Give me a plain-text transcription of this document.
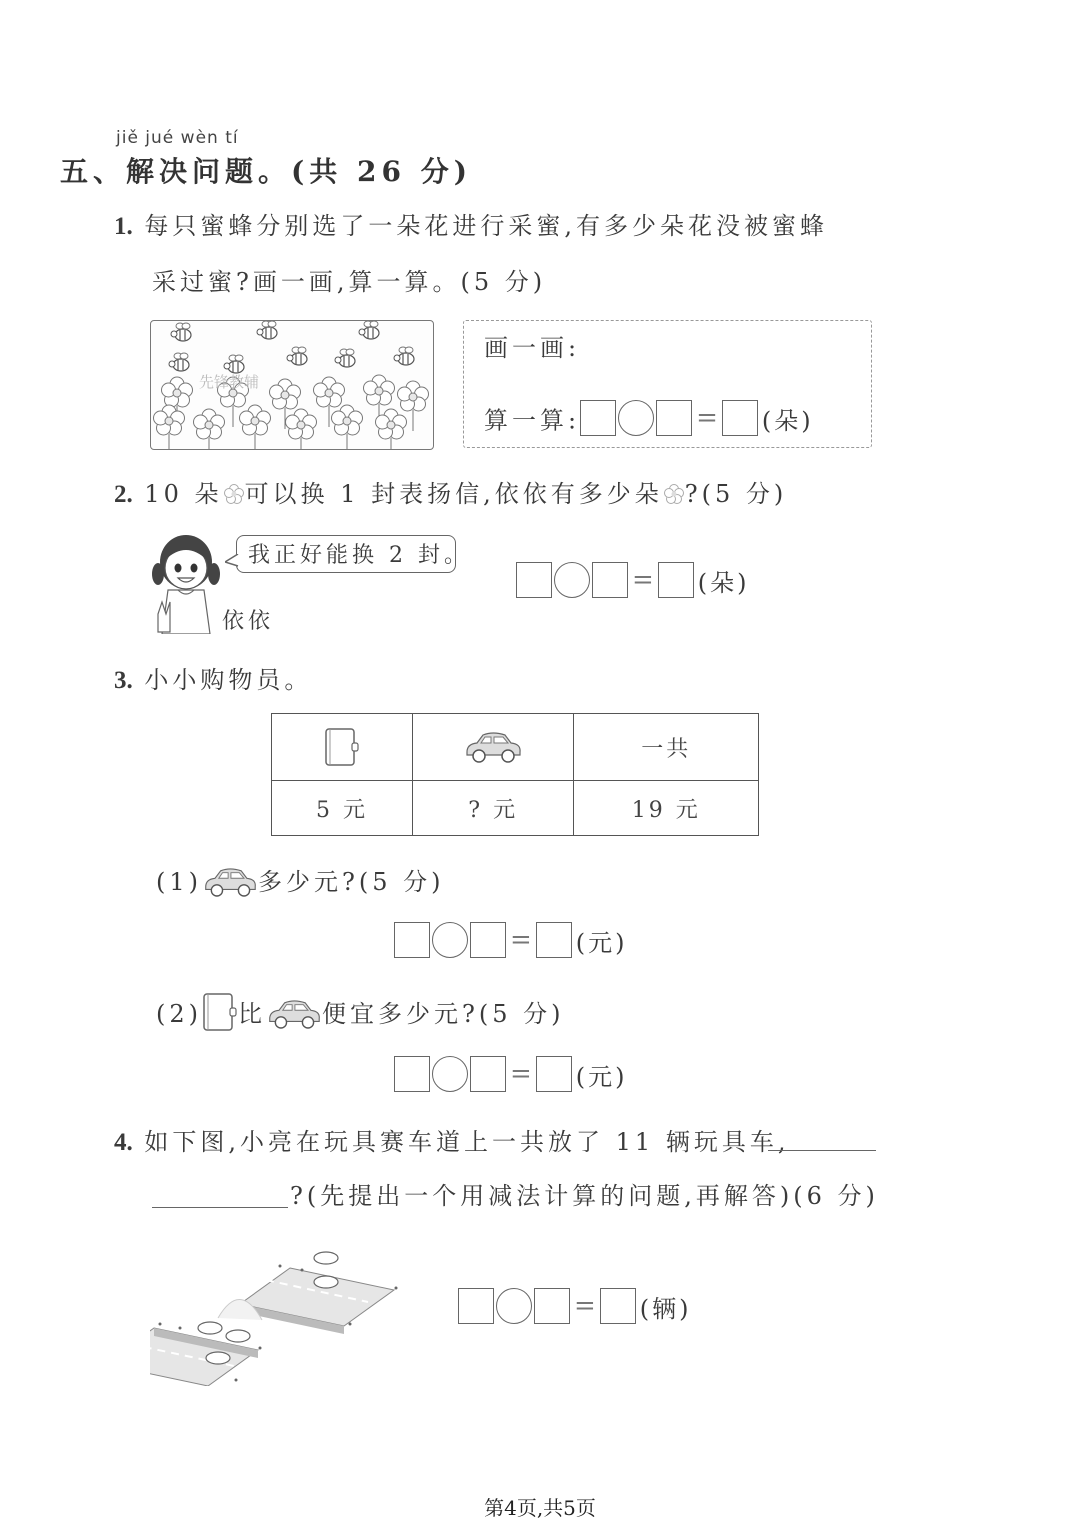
jiě jué wèn tí
五、解决问题。(共 26 分)
1. 每只蜜蜂分别选了一朵花进行采蜜,有多少朵花没被蜜蜂
采过蜜?画一画,算一算。(5 分)
先锋教辅
画一画:
算一算:	= (朵)
2. 10 朵 可以换 1 封表扬信,依依有多少朵 ?(5 分)
我正好能换 2 封。
依依
= (朵)
3. 小小购物员。
		一共
5 元	? 元	19 元
(1) 多少元?(5 分)
= (元)
(2) 比 便宜多少元?(5 分)
= (元)
4. 如下图,小亮在玩具赛车道上一共放了 11 辆玩具车,
?(先提出一个用减法计算的问题,再解答)(6 分)
= (辆)
第4页,共5页
